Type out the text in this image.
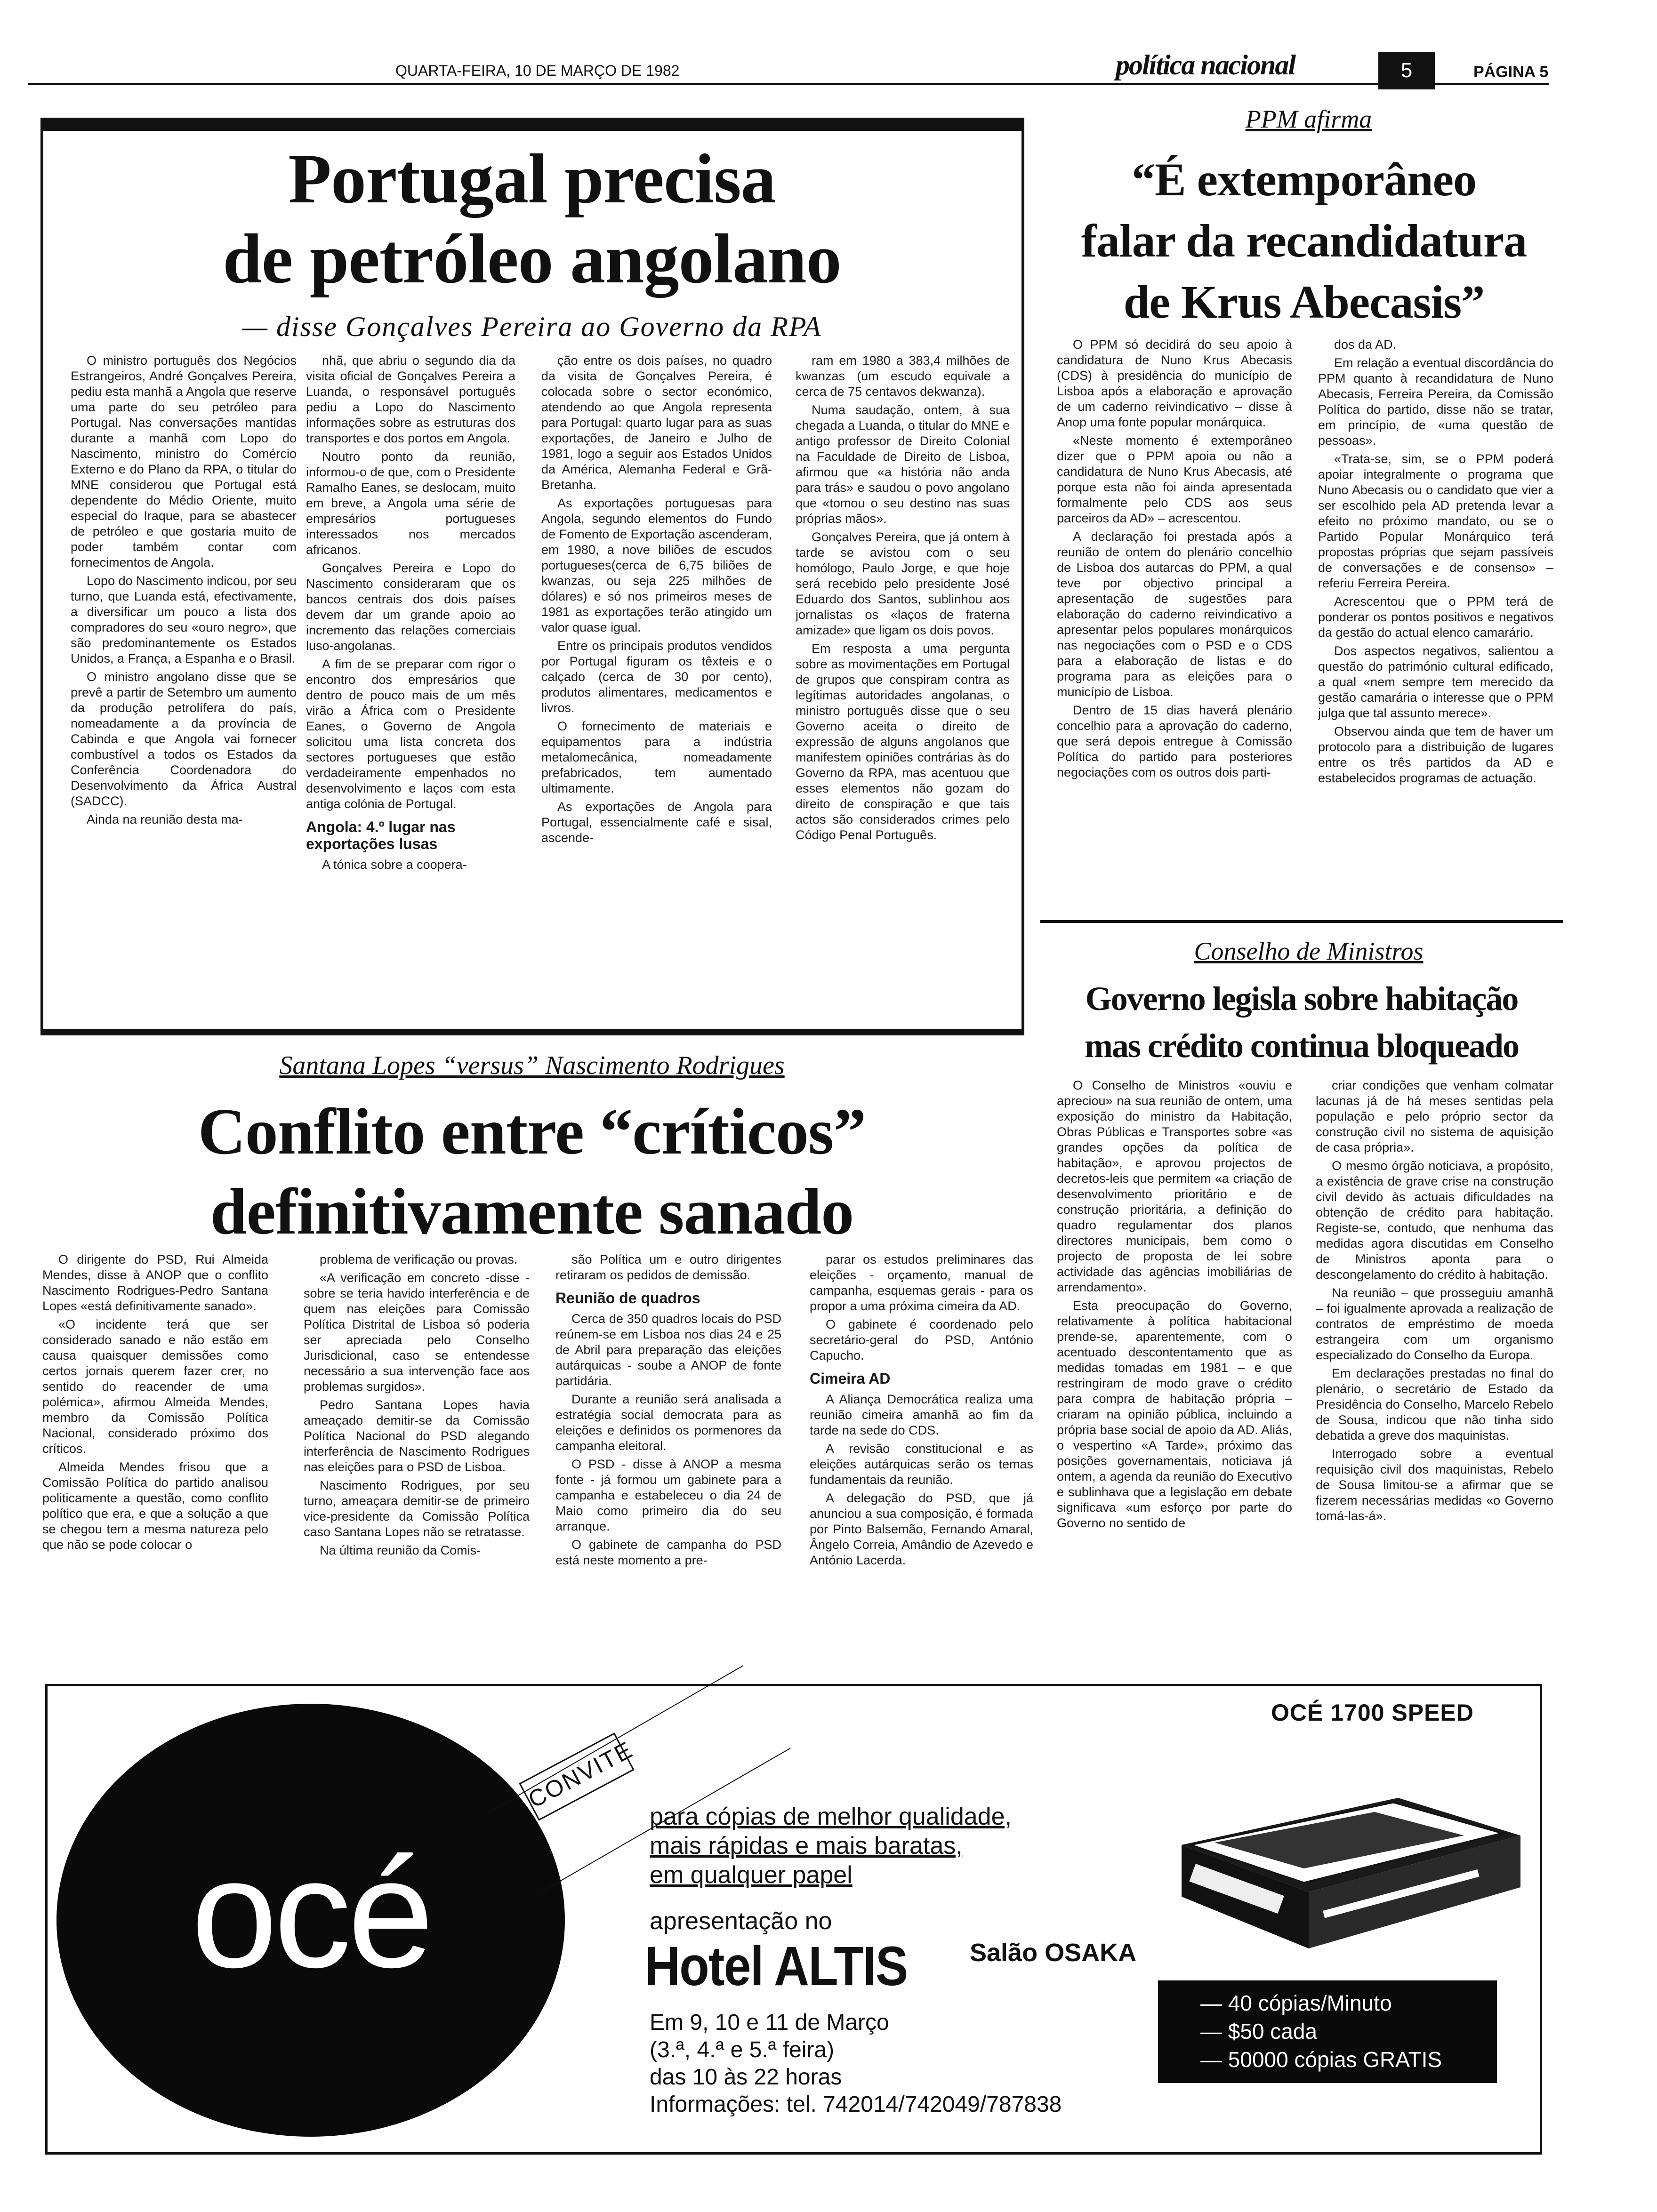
QUARTA-FEIRA, 10 DE MARÇO DE 1982	política nacional	5	PÁGINA 5
Portugal precisa
de petróleo angolano
— disse Gonçalves Pereira ao Governo da RPA

O ministro português dos Negócios Estrangeiros, André Gonçalves Pereira, pediu esta manhã a Angola que reserve uma parte do seu petróleo para Portugal. Nas conversações mantidas durante a manhã com Lopo do Nascimento, ministro do Comércio Externo e do Plano da RPA, o titular do MNE considerou que Portugal está dependente do Médio Oriente, muito especial do Iraque, para se abastecer de petróleo e que gostaria muito de poder também contar com fornecimentos de Angola.

Lopo do Nascimento indicou, por seu turno, que Luanda está, efectivamente, a diversificar um pouco a lista dos compradores do seu «ouro negro», que são predominantemente os Estados Unidos, a França, a Espanha e o Brasil.

O ministro angolano disse que se prevê a partir de Setembro um aumento da produção petrolífera do país, nomeadamente a da província de Cabinda e que Angola vai fornecer combustível a todos os Estados da Conferência Coordenadora do Desenvolvimento da África Austral (SADCC).

Ainda na reunião desta ma-

nhã, que abriu o segundo dia da visita oficial de Gonçalves Pereira a Luanda, o responsável português pediu a Lopo do Nascimento informações sobre as estruturas dos transportes e dos portos em Angola.

Noutro ponto da reunião, informou-o de que, com o Presidente Ramalho Eanes, se deslocam, muito em breve, a Angola uma série de empresários portugueses interessados nos mercados africanos.

Gonçalves Pereira e Lopo do Nascimento consideraram que os bancos centrais dos dois países devem dar um grande apoio ao incremento das relações comerciais luso-angolanas.

A fim de se preparar com rigor o encontro dos empresários que dentro de pouco mais de um mês virão a África com o Presidente Eanes, o Governo de Angola solicitou uma lista concreta dos sectores portugueses que estão verdadeiramente empenhados no desenvolvimento e laços com esta antiga colónia de Portugal.

Angola: 4.º lugar nas exportações lusas

A tónica sobre a coopera-

ção entre os dois países, no quadro da visita de Gonçalves Pereira, é colocada sobre o sector económico, atendendo ao que Angola representa para Portugal: quarto lugar para as suas exportações, de Janeiro e Julho de 1981, logo a seguir aos Estados Unidos da América, Alemanha Federal e Grã-Bretanha.

As exportações portuguesas para Angola, segundo elementos do Fundo de Fomento de Exportação ascenderam, em 1980, a nove biliões de escudos portugueses(cerca de 6,75 biliões de kwanzas, ou seja 225 milhões de dólares) e só nos primeiros meses de 1981 as exportações terão atingido um valor quase igual.

Entre os principais produtos vendidos por Portugal figuram os têxteis e o calçado (cerca de 30 por cento), produtos alimentares, medicamentos e livros.

O fornecimento de materiais e equipamentos para a indústria metalomecânica, nomeadamente prefabricados, tem aumentado ultimamente.

As exportações de Angola para Portugal, essencialmente café e sisal, ascende-

ram em 1980 a 383,4 milhões de kwanzas (um escudo equivale a cerca de 75 centavos dekwanza).

Numa saudação, ontem, à sua chegada a Luanda, o titular do MNE e antigo professor de Direito Colonial na Faculdade de Direito de Lisboa, afirmou que «a história não anda para trás» e saudou o povo angolano que «tomou o seu destino nas suas próprias mãos».

Gonçalves Pereira, que já ontem à tarde se avistou com o seu homólogo, Paulo Jorge, e que hoje será recebido pelo presidente José Eduardo dos Santos, sublinhou aos jornalistas os «laços de fraterna amizade» que ligam os dois povos.

Em resposta a uma pergunta sobre as movimentações em Portugal de grupos que conspiram contra as legítimas autoridades angolanas, o ministro português disse que o seu Governo aceita o direito de expressão de alguns angolanos que manifestem opiniões contrárias às do Governo da RPA, mas acentuou que esses elementos não gozam do direito de conspiração e que tais actos são considerados crimes pelo Código Penal Português.

PPM afirma
“É extemporâneo
falar da recandidatura
de Krus Abecasis”

O PPM só decidirá do seu apoio à candidatura de Nuno Krus Abecasis (CDS) à presidência do município de Lisboa após a elaboração e aprovação de um caderno reivindicativo – disse à Anop uma fonte popular monárquica.

«Neste momento é extemporâneo dizer que o PPM apoia ou não a candidatura de Nuno Krus Abecasis, até porque esta não foi ainda apresentada formalmente pelo CDS aos seus parceiros da AD» – acrescentou.

A declaração foi prestada após a reunião de ontem do plenário concelhio de Lisboa dos autarcas do PPM, a qual teve por objectivo principal a apresentação de sugestões para elaboração do caderno reivindicativo a apresentar pelos populares monárquicos nas negociações com o PSD e o CDS para a elaboração de listas e do programa para as eleições para o município de Lisboa.

Dentro de 15 dias haverá plenário concelhio para a aprovação do caderno, que será depois entregue à Comissão Política do partido para posteriores negociações com os outros dois parti-

dos da AD.

Em relação a eventual discordância do PPM quanto à recandidatura de Nuno Abecasis, Ferreira Pereira, da Comissão Política do partido, disse não se tratar, em princípio, de «uma questão de pessoas».

«Trata-se, sim, se o PPM poderá apoiar integralmente o programa que Nuno Abecasis ou o candidato que vier a ser escolhido pela AD pretenda levar a efeito no próximo mandato, ou se o Partido Popular Monárquico terá propostas próprias que sejam passíveis de conversações e de consenso» – referiu Ferreira Pereira.

Acrescentou que o PPM terá de ponderar os pontos positivos e negativos da gestão do actual elenco camarário.

Dos aspectos negativos, salientou a questão do património cultural edificado, a qual «nem sempre tem merecido da gestão camarária o interesse que o PPM julga que tal assunto merece».

Observou ainda que tem de haver um protocolo para a distribuição de lugares entre os três partidos da AD e estabelecidos programas de actuação.

Conselho de Ministros
Governo legisla sobre habitação
mas crédito continua bloqueado

O Conselho de Ministros «ouviu e apreciou» na sua reunião de ontem, uma exposição do ministro da Habitação, Obras Públicas e Transportes sobre «as grandes opções da política de habitação», e aprovou projectos de decretos-leis que permitem «a criação de desenvolvimento prioritário e de construção prioritária, a definição do quadro regulamentar dos planos directores municipais, bem como o projecto de proposta de lei sobre actividade das agências imobiliárias de arrendamento».

Esta preocupação do Governo, relativamente à política habitacional prende-se, aparentemente, com o acentuado descontentamento que as medidas tomadas em 1981 – e que restringiram de modo grave o crédito para compra de habitação própria – criaram na opinião pública, incluindo a própria base social de apoio da AD. Aliás, o vespertino «A Tarde», próximo das posições governamentais, noticiava já ontem, a agenda da reunião do Executivo e sublinhava que a legislação em debate significava «um esforço por parte do Governo no sentido de

criar condições que venham colmatar lacunas já de há meses sentidas pela população e pelo próprio sector da construção civil no sistema de aquisição de casa própria».

O mesmo órgão noticiava, a propósito, a existência de grave crise na construção civil devido às actuais dificuldades na obtenção de crédito para habitação. Registe-se, contudo, que nenhuma das medidas agora discutidas em Conselho de Ministros aponta para o descongelamento do crédito à habitação.

Na reunião – que prosseguiu amanhã – foi igualmente aprovada a realização de contratos de empréstimo de moeda estrangeira com um organismo especializado do Conselho da Europa.

Em declarações prestadas no final do plenário, o secretário de Estado da Presidência do Conselho, Marcelo Rebelo de Sousa, indicou que não tinha sido debatida a greve dos maquinistas.

Interrogado sobre a eventual requisição civil dos maquinistas, Rebelo de Sousa limitou-se a afirmar que se fizerem necessárias medidas «o Governo tomá-las-á».

Santana Lopes “versus” Nascimento Rodrigues
Conflito entre “críticos”
definitivamente sanado

O dirigente do PSD, Rui Almeida Mendes, disse à ANOP que o conflito Nascimento Rodrigues-Pedro Santana Lopes «está definitivamente sanado».

«O incidente terá que ser considerado sanado e não estão em causa quaisquer demissões como certos jornais querem fazer crer, no sentido do reacender de uma polémica», afirmou Almeida Mendes, membro da Comissão Política Nacional, considerado próximo dos críticos.

Almeida Mendes frisou que a Comissão Política do partido analisou politicamente a questão, como conflito político que era, e que a solução a que se chegou tem a mesma natureza pelo que não se pode colocar o

problema de verificação ou provas.

«A verificação em concreto -disse - sobre se teria havido interferência e de quem nas eleições para Comissão Política Distrital de Lisboa só poderia ser apreciada pelo Conselho Jurisdicional, caso se entendesse necessário a sua intervenção face aos problemas surgidos».

Pedro Santana Lopes havia ameaçado demitir-se da Comissão Política Nacional do PSD alegando interferência de Nascimento Rodrigues nas eleições para o PSD de Lisboa.

Nascimento Rodrigues, por seu turno, ameaçara demitir-se de primeiro vice-presidente da Comissão Política caso Santana Lopes não se retratasse.

Na última reunião da Comis-

são Política um e outro dirigentes retiraram os pedidos de demissão.

Reunião de quadros

Cerca de 350 quadros locais do PSD reúnem-se em Lisboa nos dias 24 e 25 de Abril para preparação das eleições autárquicas - soube a ANOP de fonte partidária.

Durante a reunião será analisada a estratégia social democrata para as eleições e definidos os pormenores da campanha eleitoral.

O PSD - disse à ANOP a mesma fonte - já formou um gabinete para a campanha e estabeleceu o dia 24 de Maio como primeiro dia do seu arranque.

O gabinete de campanha do PSD está neste momento a pre-

parar os estudos preliminares das eleições - orçamento, manual de campanha, esquemas gerais - para os propor a uma próxima cimeira da AD.

O gabinete é coordenado pelo secretário-geral do PSD, António Capucho.

Cimeira AD

A Aliança Democrática realiza uma reunião cimeira amanhã ao fim da tarde na sede do CDS.

A revisão constitucional e as eleições autárquicas serão os temas fundamentais da reunião.

A delegação do PSD, que já anunciou a sua composição, é formada por Pinto Balsemão, Fernando Amaral, Ângelo Correia, Amândio de Azevedo e António Lacerda.

OCÉ 1700 SPEED
océ
CONVITE
para cópias de melhor qualidade,
mais rápidas e mais baratas,
em qualquer papel
apresentação no
Hotel ALTIS Salão OSAKA
Em 9, 10 e 11 de Março
(3.ª, 4.ª e 5.ª feira)
das 10 às 22 horas
Informações: tel. 742014/742049/787838
— 40 cópias/Minuto
— $50 cada
— 50000 cópias GRATIS
